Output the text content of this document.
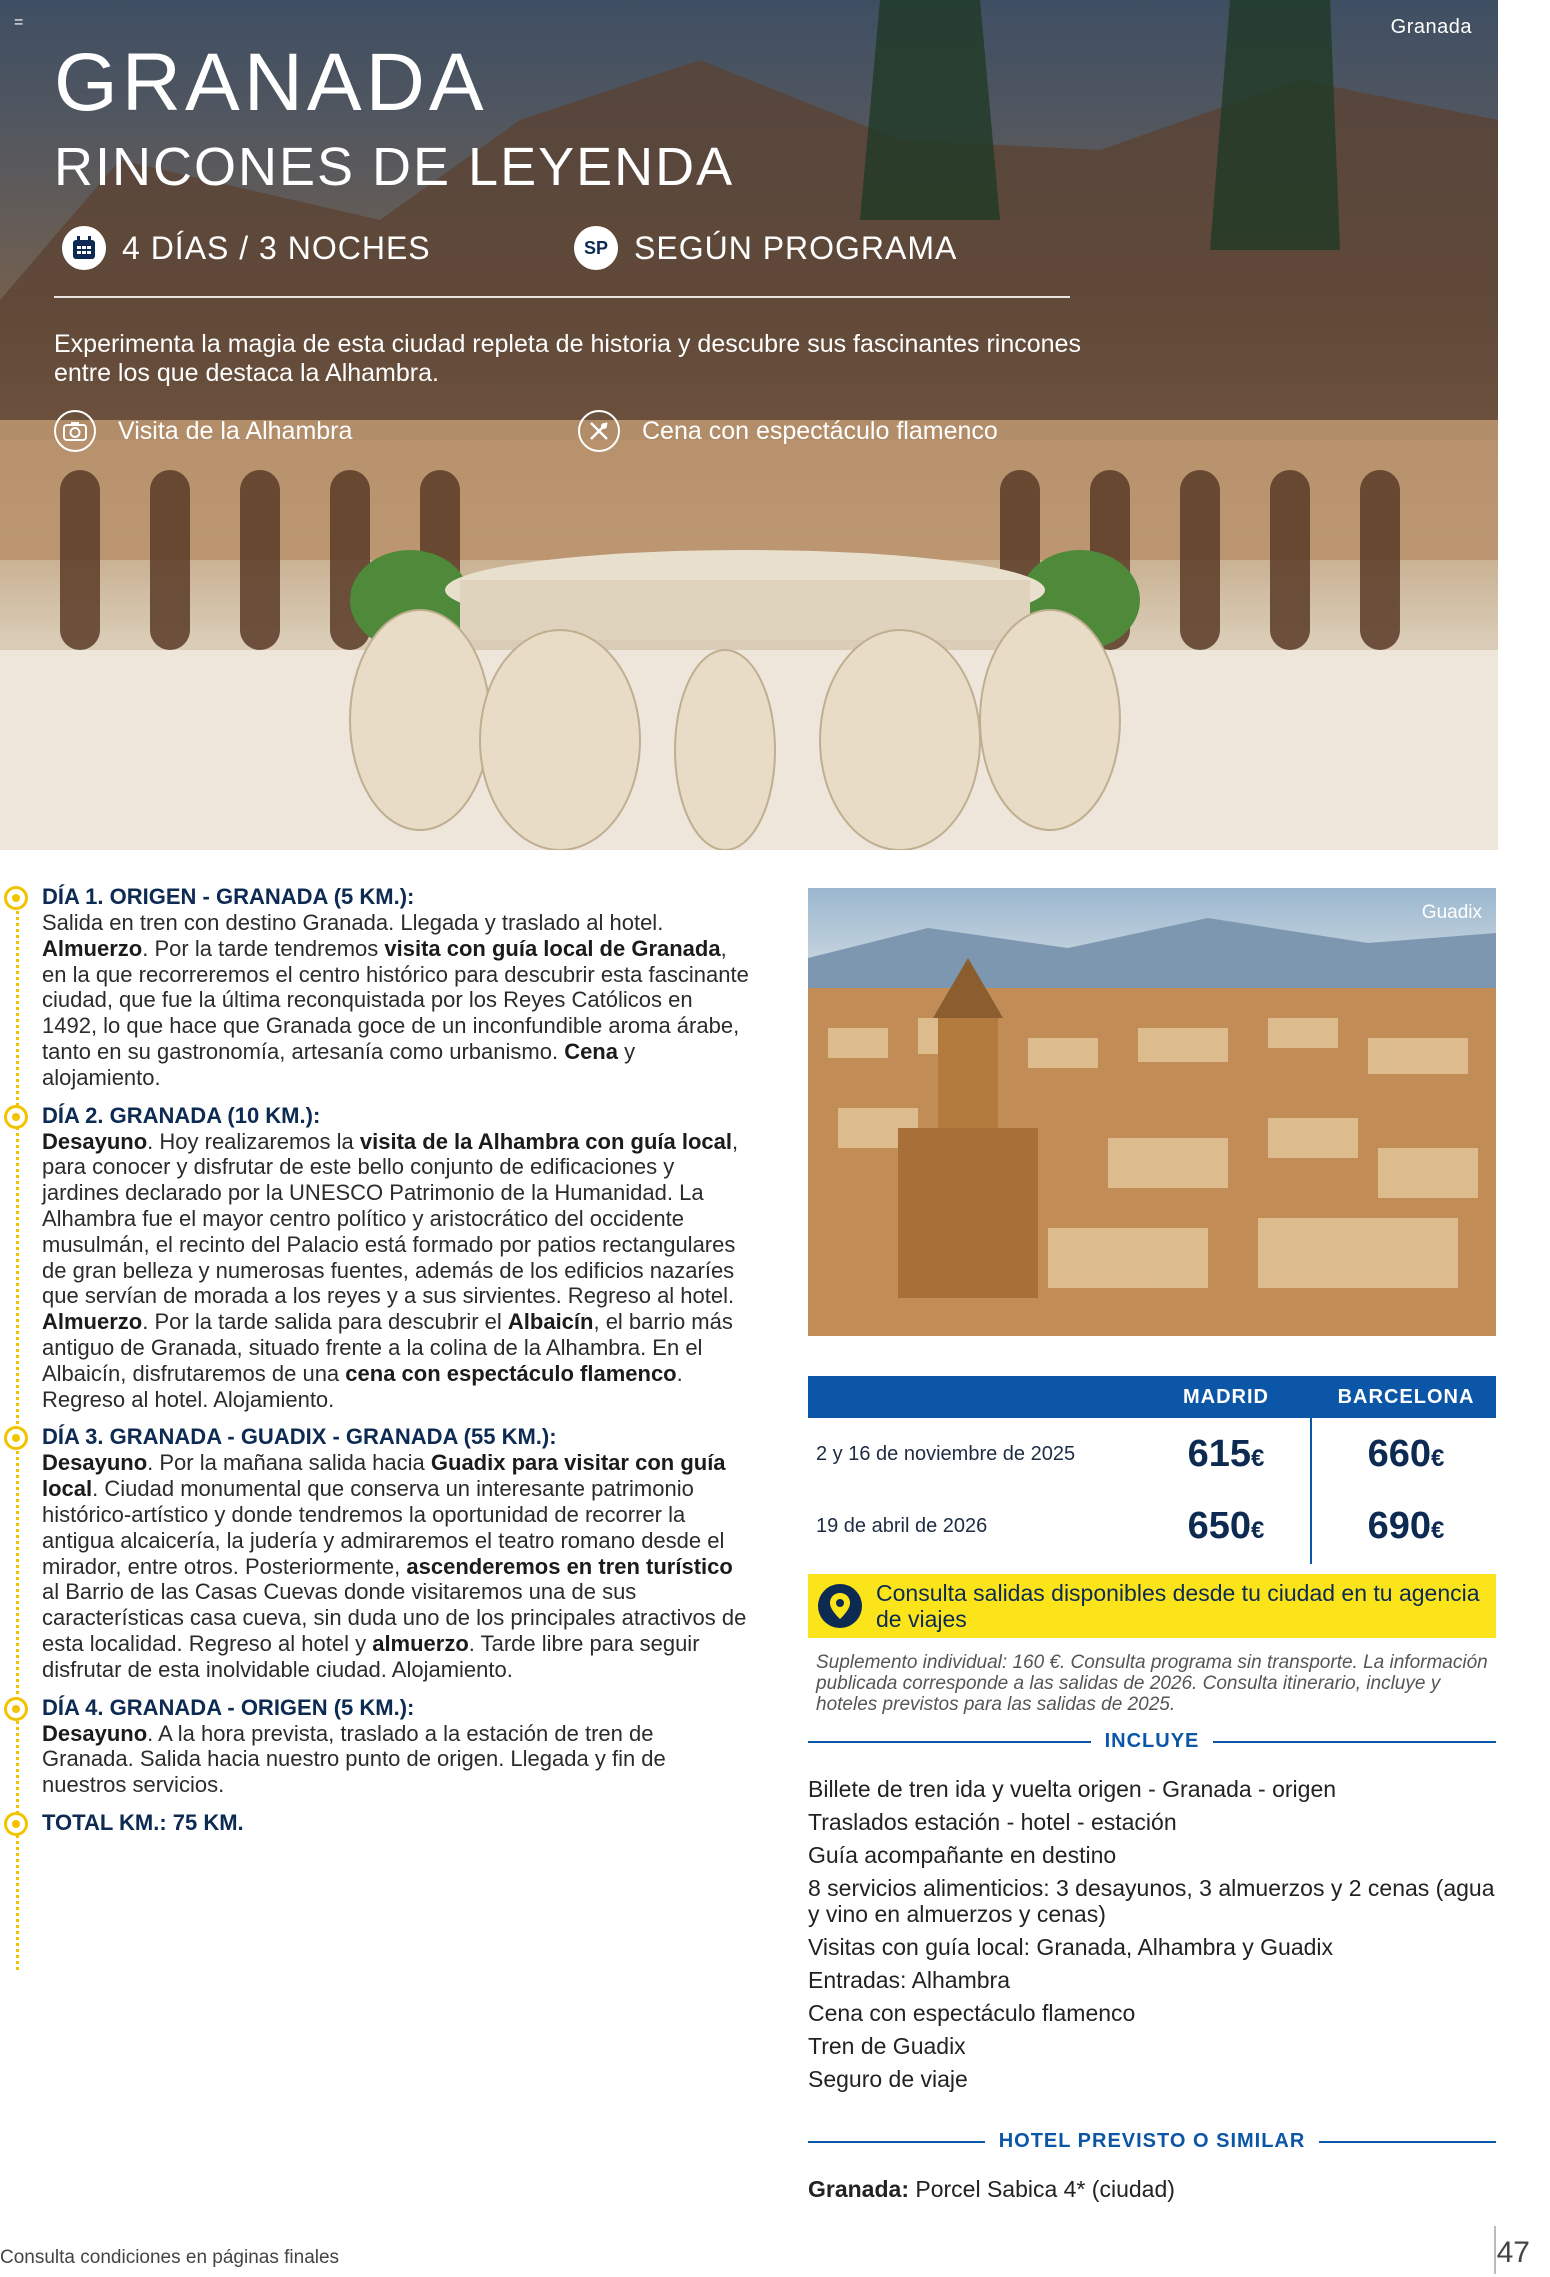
=	Granada
GRANADA
RINCONES DE LEYENDA
4 DÍAS / 3 NOCHES	SP SEGÚN PROGRAMA
Experimenta la magia de esta ciudad repleta de historia y descubre sus fascinantes rincones entre los que destaca la Alhambra.
Visita de la Alhambra	Cena con espectáculo flamenco
DÍA 1. ORIGEN - GRANADA (5 KM.):

Salida en tren con destino Granada. Llegada y traslado al hotel. Almuerzo. Por la tarde tendremos visita con guía local de Granada, en la que recorreremos el centro histórico para descubrir esta fascinante ciudad, que fue la última reconquistada por los Reyes Católicos en 1492, lo que hace que Granada goce de un inconfundible aroma árabe, tanto en su gastronomía, artesanía como urbanismo. Cena y alojamiento.

DÍA 2. GRANADA (10 KM.):

Desayuno. Hoy realizaremos la visita de la Alhambra con guía local, para conocer y disfrutar de este bello conjunto de edificaciones y jardines declarado por la UNESCO Patrimonio de la Humanidad. La Alhambra fue el mayor centro político y aristocrático del occidente musulmán, el recinto del Palacio está formado por patios rectangulares de gran belleza y numerosas fuentes, además de los edificios nazaríes que servían de morada a los reyes y a sus sirvientes. Regreso al hotel. Almuerzo. Por la tarde salida para descubrir el Albaicín, el barrio más antiguo de Granada, situado frente a la colina de la Alhambra. En el Albaicín, disfrutaremos de una cena con espectáculo flamenco. Regreso al hotel. Alojamiento.

DÍA 3. GRANADA - GUADIX - GRANADA (55 KM.):

Desayuno. Por la mañana salida hacia Guadix para visitar con guía local. Ciudad monumental que conserva un interesante patrimonio histórico-artístico y donde tendremos la oportunidad de recorrer la antigua alcaicería, la judería y admiraremos el teatro romano desde el mirador, entre otros. Posteriormente, ascenderemos en tren turístico al Barrio de las Casas Cuevas donde visitaremos una de sus características casa cueva, sin duda uno de los principales atractivos de esta localidad. Regreso al hotel y almuerzo. Tarde libre para seguir disfrutar de esta inolvidable ciudad. Alojamiento.

DÍA 4. GRANADA - ORIGEN (5 KM.):

Desayuno. A la hora prevista, traslado a la estación de tren de Granada. Salida hacia nuestro punto de origen. Llegada y fin de nuestros servicios.

TOTAL KM.: 75 KM.
Guadix
MADRID	BARCELONA
2 y 16 de noviembre de 2025	615€	660€
19 de abril de 2026	650€	690€
Consulta salidas disponibles desde tu ciudad en tu agencia de viajes
Suplemento individual: 160 €. Consulta programa sin transporte. La información publicada corresponde a las salidas de 2026. Consulta itinerario, incluye y hoteles previstos para las salidas de 2025.
INCLUYE
Billete de tren ida y vuelta origen - Granada - origen
Traslados estación - hotel - estación
Guía acompañante en destino
8 servicios alimenticios: 3 desayunos, 3 almuerzos y 2 cenas (agua y vino en almuerzos y cenas)
Visitas con guía local: Granada, Alhambra y Guadix
Entradas: Alhambra
Cena con espectáculo flamenco
Tren de Guadix
Seguro de viaje
HOTEL PREVISTO O SIMILAR
Granada: Porcel Sabica 4* (ciudad)
Consulta condiciones en páginas finales	47
